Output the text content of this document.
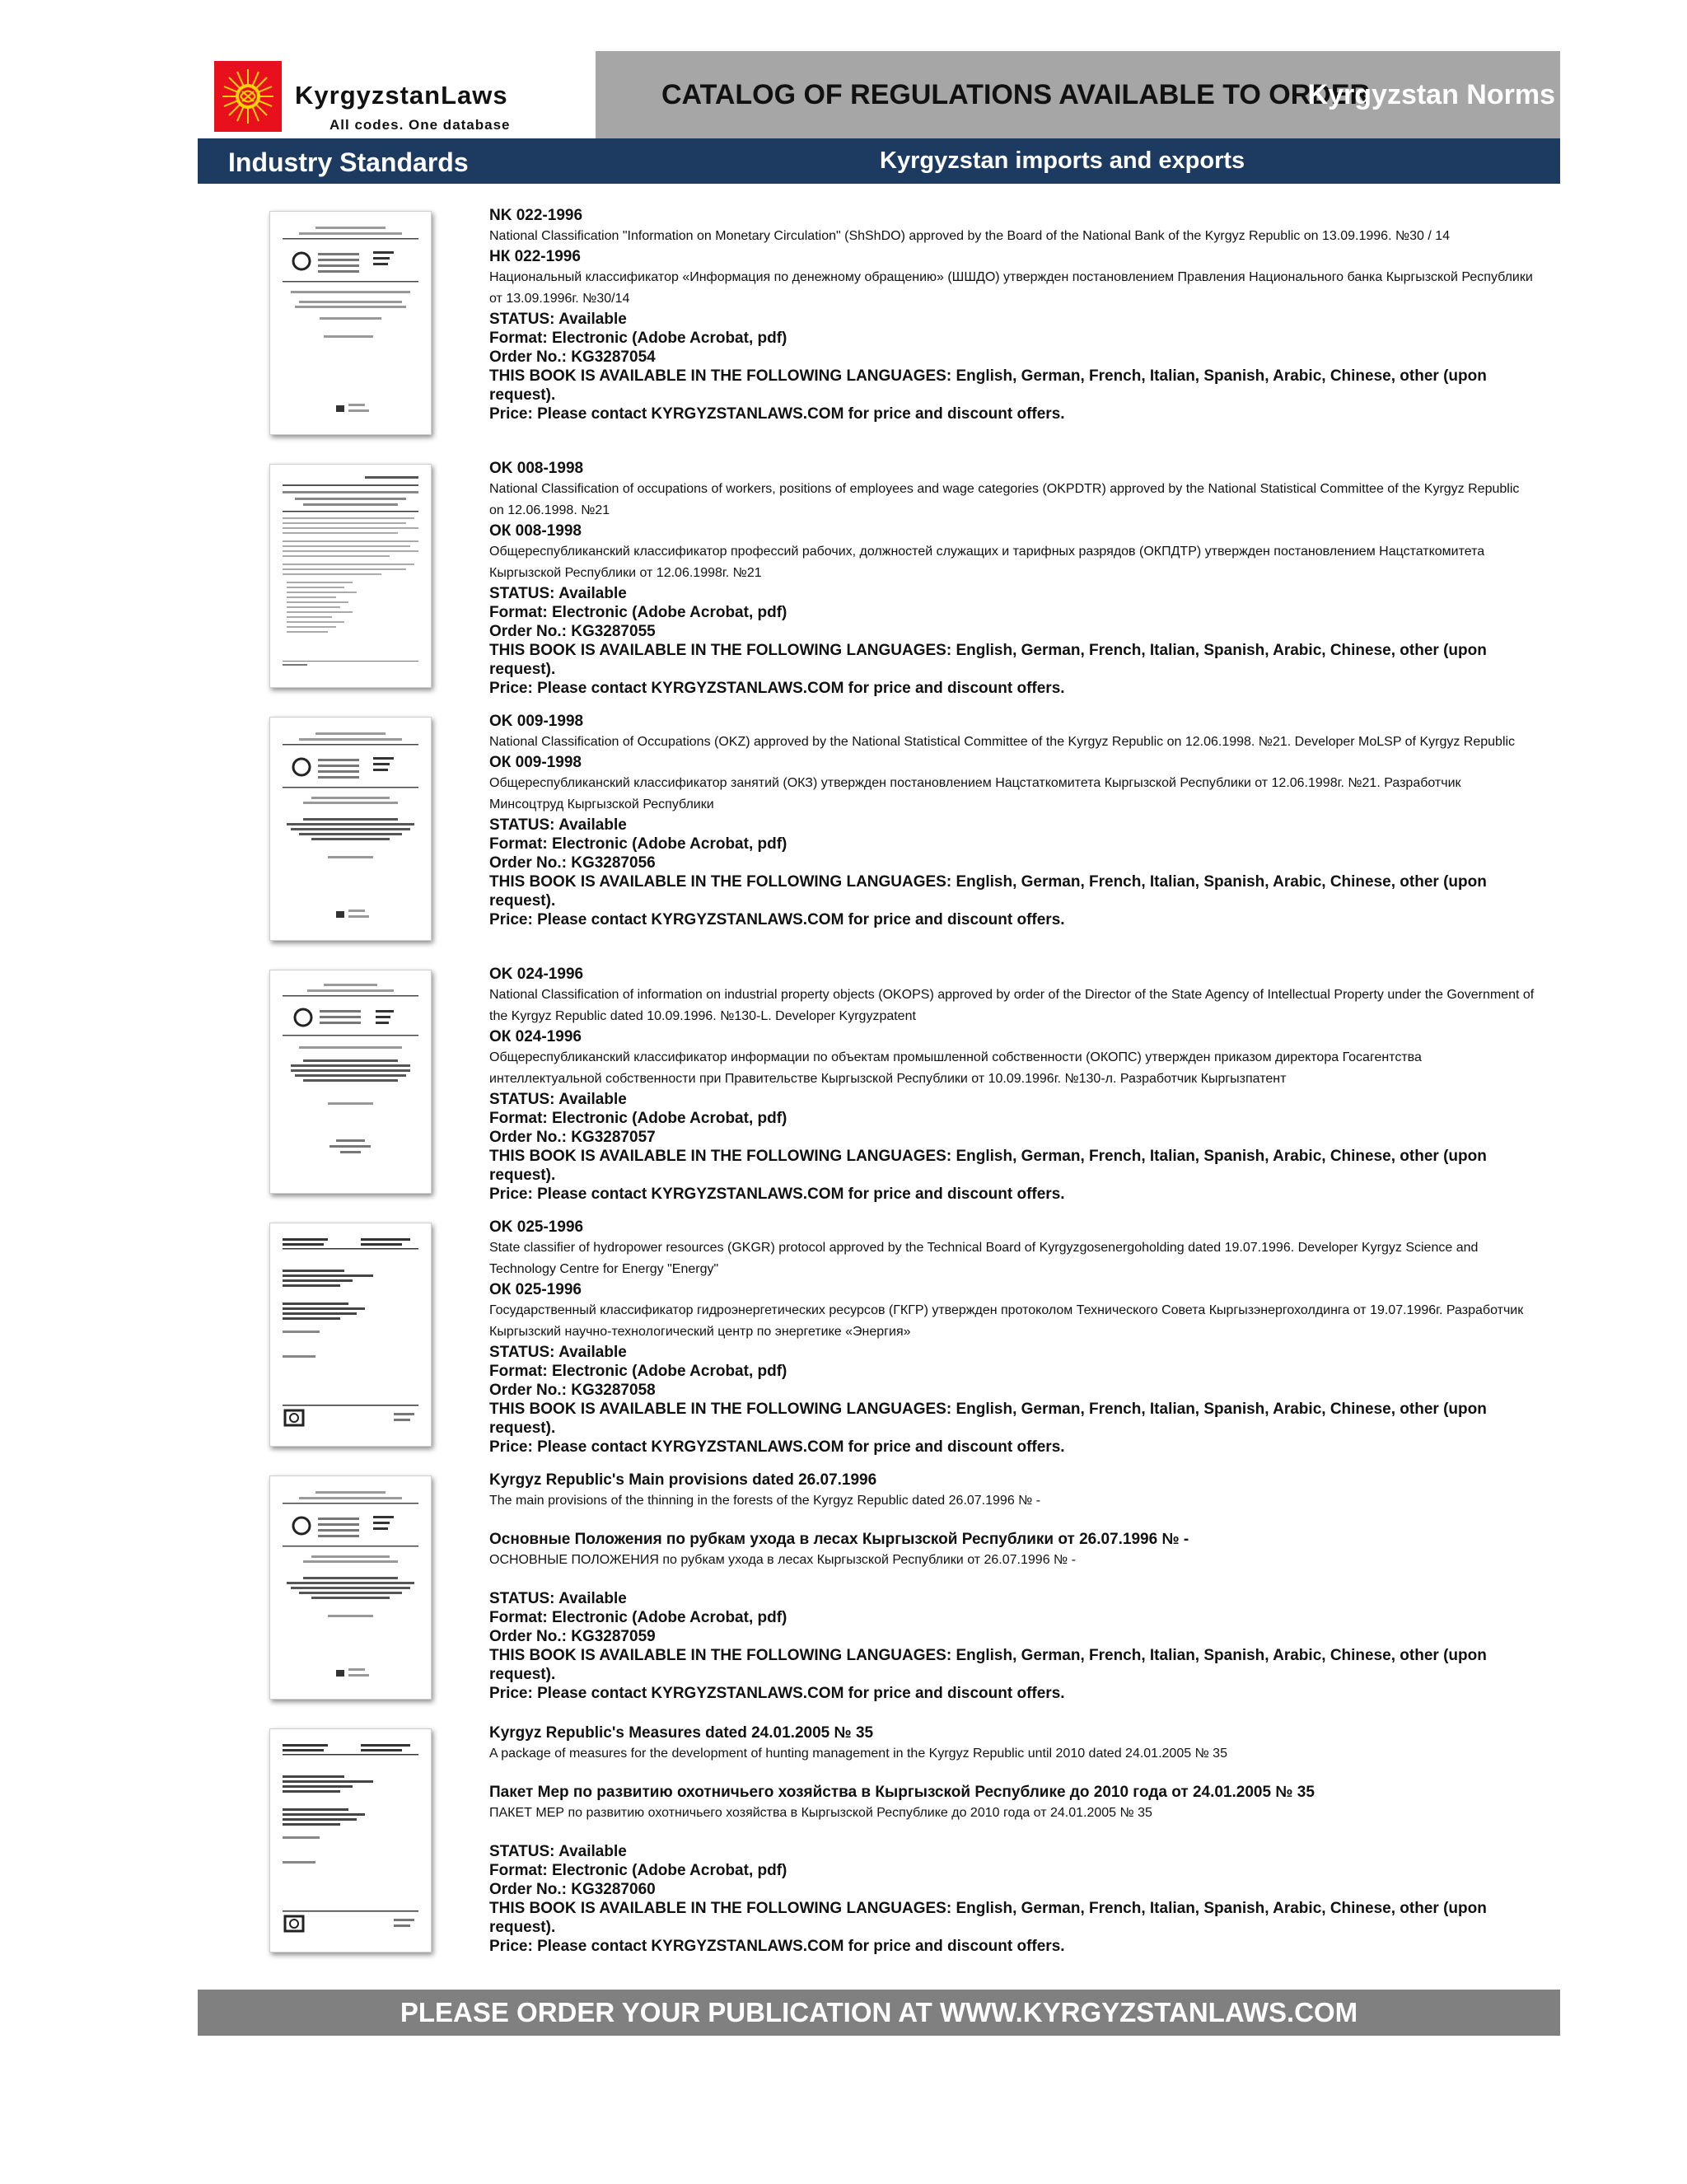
KyrgyzstanLaws
All codes. One database
CATALOG OF REGULATIONS AVAILABLE TO ORDER
Kyrgyzstan Norms
Industry Standards	Kyrgyzstan imports and exports
NK 022-1996
National Classification "Information on Monetary Circulation" (ShShDO) approved by the Board of the National Bank of the Kyrgyz Republic on 13.09.1996. №30 / 14
НК 022-1996
Национальный классификатор «Информация по денежному обращению» (ШШДО) утвержден постановлением Правления Национального банка Кыргызской Республики от 13.09.1996г. №30/14
STATUS: Available
Format: Electronic (Adobe Acrobat, pdf)
Order No.: KG3287054
THIS BOOK IS AVAILABLE IN THE FOLLOWING LANGUAGES: English, German, French, Italian, Spanish, Arabic, Chinese, other (upon request).
Price: Please contact KYRGYZSTANLAWS.COM for price and discount offers.
OK 008-1998
National Classification of occupations of workers, positions of employees and wage categories (OKPDTR) approved by the National Statistical Committee of the Kyrgyz Republic on 12.06.1998. №21
ОК 008-1998
Общереспубликанский классификатор профессий рабочих, должностей служащих и тарифных разрядов (ОКПДТР) утвержден постановлением Нацстаткомитета Кыргызской Республики от 12.06.1998г. №21
STATUS: Available
Format: Electronic (Adobe Acrobat, pdf)
Order No.: KG3287055
THIS BOOK IS AVAILABLE IN THE FOLLOWING LANGUAGES: English, German, French, Italian, Spanish, Arabic, Chinese, other (upon request).
Price: Please contact KYRGYZSTANLAWS.COM for price and discount offers.
OK 009-1998
National Classification of Occupations (OKZ) approved by the National Statistical Committee of the Kyrgyz Republic on 12.06.1998. №21. Developer MoLSP of Kyrgyz Republic
ОК 009-1998
Общереспубликанский классификатор занятий (ОКЗ) утвержден постановлением Нацстаткомитета Кыргызской Республики от 12.06.1998г. №21. Разработчик Минсоцтруд Кыргызской Республики
STATUS: Available
Format: Electronic (Adobe Acrobat, pdf)
Order No.: KG3287056
THIS BOOK IS AVAILABLE IN THE FOLLOWING LANGUAGES: English, German, French, Italian, Spanish, Arabic, Chinese, other (upon request).
Price: Please contact KYRGYZSTANLAWS.COM for price and discount offers.
OK 024-1996
National Classification of information on industrial property objects (OKOPS) approved by order of the Director of the State Agency of Intellectual Property under the Government of the Kyrgyz Republic dated 10.09.1996. №130-L. Developer Kyrgyzpatent
ОК 024-1996
Общереспубликанский классификатор информации по объектам промышленной собственности (ОКОПС) утвержден приказом директора Госагентства интеллектуальной собственности при Правительстве Кыргызской Республики от 10.09.1996г. №130-л. Разработчик Кыргызпатент
STATUS: Available
Format: Electronic (Adobe Acrobat, pdf)
Order No.: KG3287057
THIS BOOK IS AVAILABLE IN THE FOLLOWING LANGUAGES: English, German, French, Italian, Spanish, Arabic, Chinese, other (upon request).
Price: Please contact KYRGYZSTANLAWS.COM for price and discount offers.
OK 025-1996
State classifier of hydropower resources (GKGR) protocol approved by the Technical Board of Kyrgyzgosenergoholding dated 19.07.1996. Developer Kyrgyz Science and Technology Centre for Energy "Energy"
ОК 025-1996
Государственный классификатор гидроэнергетических ресурсов (ГКГР) утвержден протоколом Технического Совета Кыргызэнергохолдинга от 19.07.1996г. Разработчик Кыргызский научно-технологический центр по энергетике «Энергия»
STATUS: Available
Format: Electronic (Adobe Acrobat, pdf)
Order No.: KG3287058
THIS BOOK IS AVAILABLE IN THE FOLLOWING LANGUAGES: English, German, French, Italian, Spanish, Arabic, Chinese, other (upon request).
Price: Please contact KYRGYZSTANLAWS.COM for price and discount offers.
Kyrgyz Republic's Main provisions dated 26.07.1996
The main provisions of the thinning in the forests of the Kyrgyz Republic dated 26.07.1996 № -
Основные Положения по рубкам ухода в лесах Кыргызской Республики от 26.07.1996 № -
ОСНОВНЫЕ ПОЛОЖЕНИЯ по рубкам ухода в лесах Кыргызской Республики от 26.07.1996 № -
STATUS: Available
Format: Electronic (Adobe Acrobat, pdf)
Order No.: KG3287059
THIS BOOK IS AVAILABLE IN THE FOLLOWING LANGUAGES: English, German, French, Italian, Spanish, Arabic, Chinese, other (upon request).
Price: Please contact KYRGYZSTANLAWS.COM for price and discount offers.
Kyrgyz Republic's Measures dated 24.01.2005 № 35
A package of measures for the development of hunting management in the Kyrgyz Republic until 2010 dated 24.01.2005 № 35
Пакет Мер по развитию охотничьего хозяйства в Кыргызской Республике до 2010 года от 24.01.2005 № 35
ПАКЕТ МЕР по развитию охотничьего хозяйства в Кыргызской Республике до 2010 года от 24.01.2005 № 35
STATUS: Available
Format: Electronic (Adobe Acrobat, pdf)
Order No.: KG3287060
THIS BOOK IS AVAILABLE IN THE FOLLOWING LANGUAGES: English, German, French, Italian, Spanish, Arabic, Chinese, other (upon request).
Price: Please contact KYRGYZSTANLAWS.COM for price and discount offers.
PLEASE ORDER YOUR PUBLICATION AT WWW.KYRGYZSTANLAWS.COM
